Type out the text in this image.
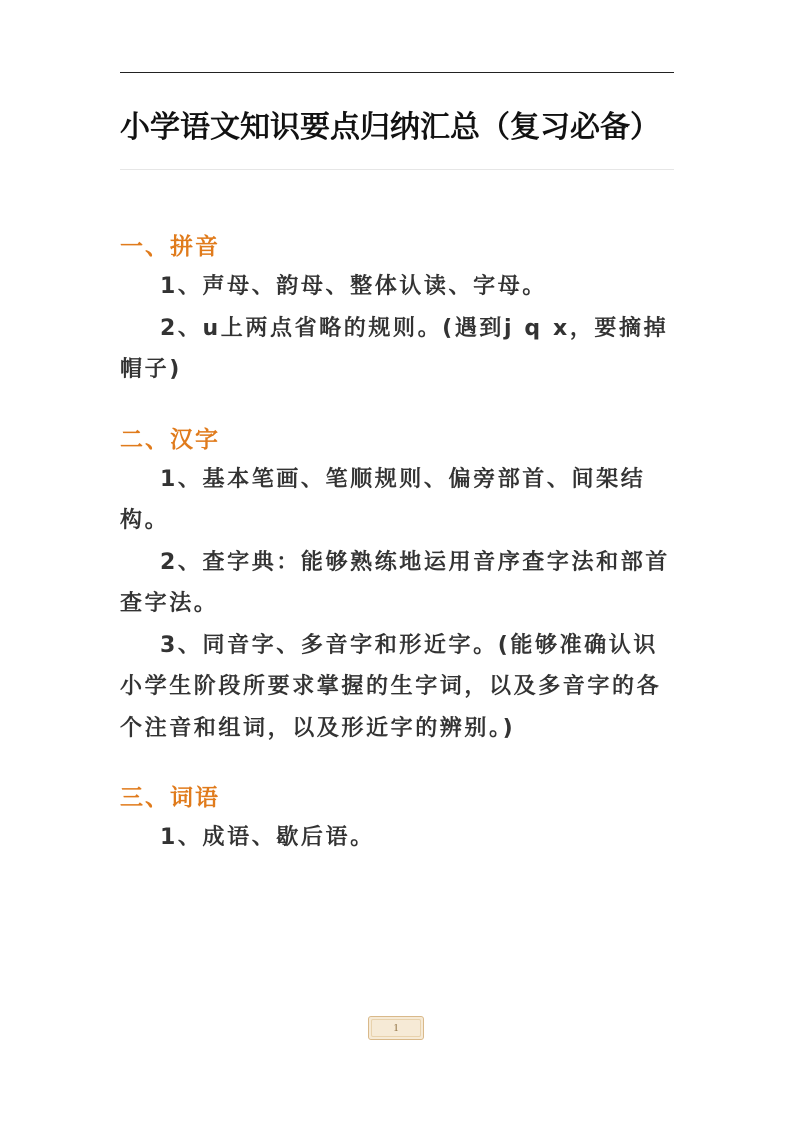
小学语文知识要点归纳汇总（复习必备）

一、拼音

1、声母、韵母、整体认读、字母。

2、u上两点省略的规则。(遇到j q x，要摘掉帽子)

二、汉字

1、基本笔画、笔顺规则、偏旁部首、间架结构。

2、查字典：能够熟练地运用音序查字法和部首查字法。

3、同音字、多音字和形近字。(能够准确认识小学生阶段所要求掌握的生字词，以及多音字的各个注音和组词，以及形近字的辨别。)

三、词语

1、成语、歇后语。

1
